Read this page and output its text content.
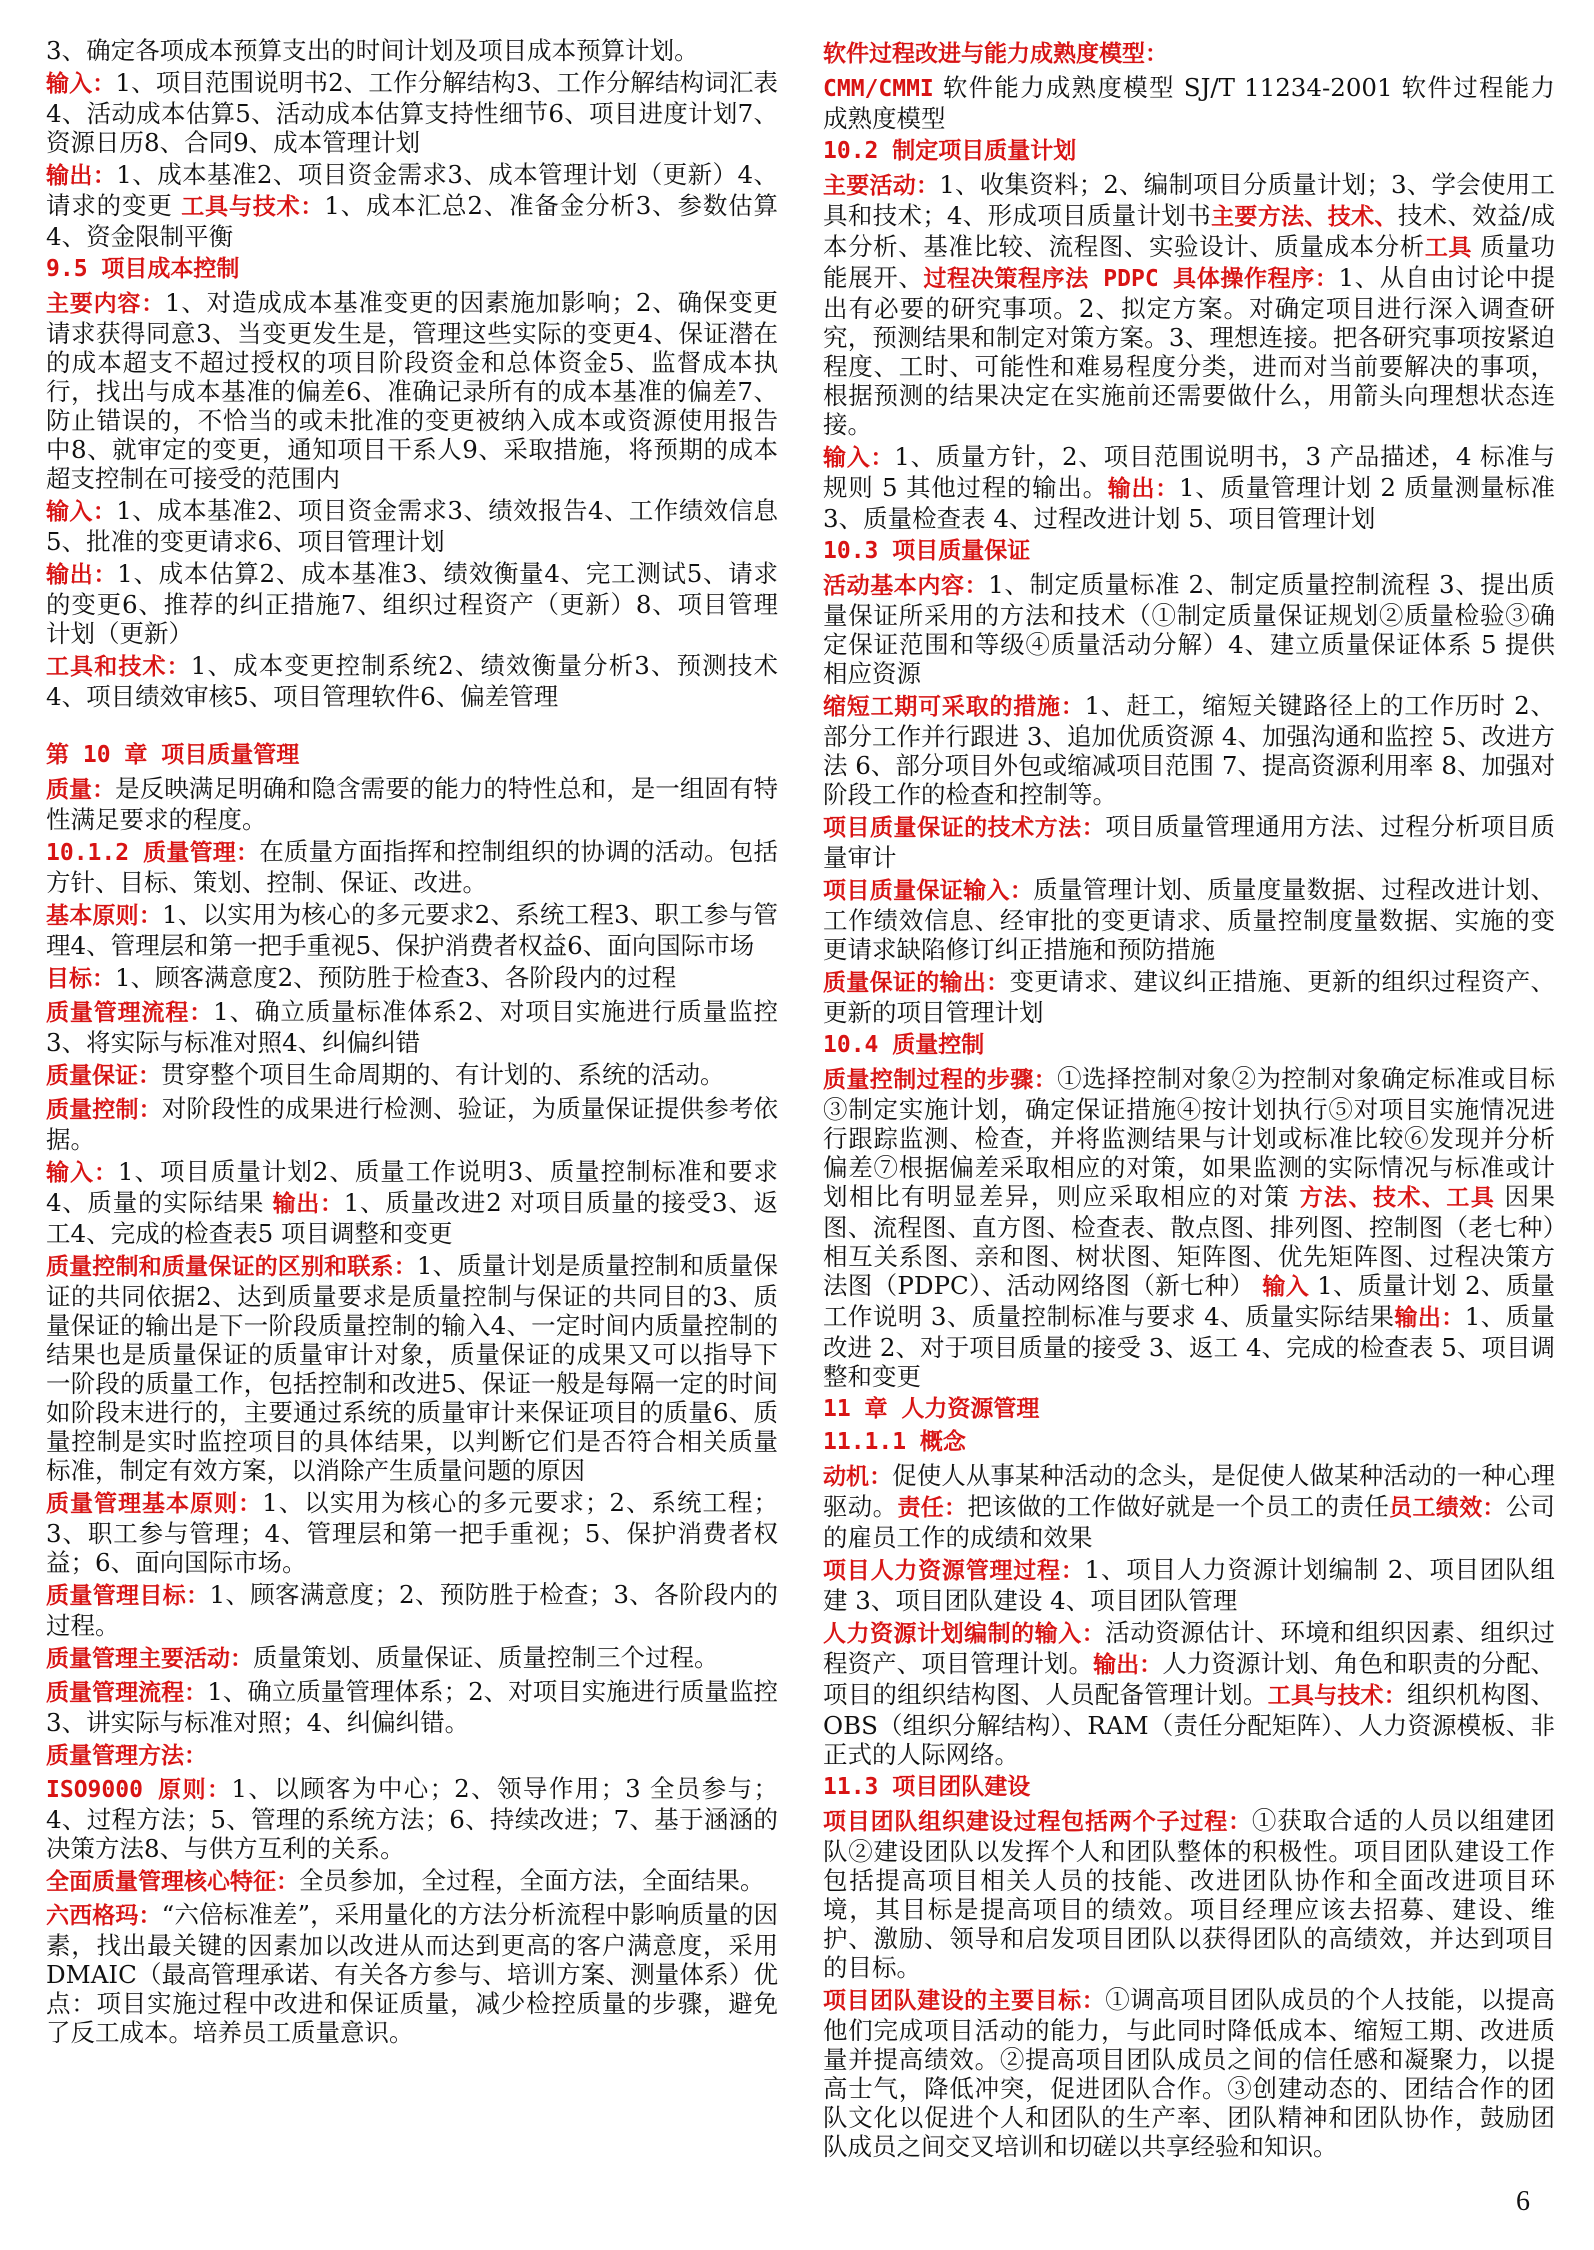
3、确定各项成本预算支出的时间计划及项目成本预算计划。
输入：1、项目范围说明书2、工作分解结构3、工作分解结构词汇表4、活动成本估算5、活动成本估算支持性细节6、项目进度计划7、资源日历8、合同9、成本管理计划
输出：1、成本基准2、项目资金需求3、成本管理计划（更新）4、请求的变更 工具与技术：1、成本汇总2、准备金分析3、参数估算4、资金限制平衡
9.5 项目成本控制
主要内容：1、对造成成本基准变更的因素施加影响；2、确保变更请求获得同意3、当变更发生是，管理这些实际的变更4、保证潜在的成本超支不超过授权的项目阶段资金和总体资金5、监督成本执行，找出与成本基准的偏差6、准确记录所有的成本基准的偏差7、防止错误的，不恰当的或未批准的变更被纳入成本或资源使用报告中8、就审定的变更，通知项目干系人9、采取措施，将预期的成本超支控制在可接受的范围内
输入：1、成本基准2、项目资金需求3、绩效报告4、工作绩效信息5、批准的变更请求6、项目管理计划
输出：1、成本估算2、成本基准3、绩效衡量4、完工测试5、请求的变更6、推荐的纠正措施7、组织过程资产（更新）8、项目管理计划（更新）
工具和技术：1、成本变更控制系统2、绩效衡量分析3、预测技术4、项目绩效审核5、项目管理软件6、偏差管理
第 10 章 项目质量管理
质量：是反映满足明确和隐含需要的能力的特性总和，是一组固有特性满足要求的程度。
10.1.2 质量管理：在质量方面指挥和控制组织的协调的活动。包括方针、目标、策划、控制、保证、改进。
基本原则：1、以实用为核心的多元要求2、系统工程3、职工参与管理4、管理层和第一把手重视5、保护消费者权益6、面向国际市场
目标：1、顾客满意度2、预防胜于检查3、各阶段内的过程
质量管理流程：1、确立质量标准体系2、对项目实施进行质量监控3、将实际与标准对照4、纠偏纠错
质量保证：贯穿整个项目生命周期的、有计划的、系统的活动。
质量控制：对阶段性的成果进行检测、验证，为质量保证提供参考依据。
输入：1、项目质量计划2、质量工作说明3、质量控制标准和要求4、质量的实际结果 输出：1、质量改进2 对项目质量的接受3、返工4、完成的检查表5 项目调整和变更
质量控制和质量保证的区别和联系：1、质量计划是质量控制和质量保证的共同依据2、达到质量要求是质量控制与保证的共同目的3、质量保证的输出是下一阶段质量控制的输入4、一定时间内质量控制的结果也是质量保证的质量审计对象，质量保证的成果又可以指导下一阶段的质量工作，包括控制和改进5、保证一般是每隔一定的时间如阶段末进行的，主要通过系统的质量审计来保证项目的质量6、质量控制是实时监控项目的具体结果，以判断它们是否符合相关质量标准，制定有效方案，以消除产生质量问题的原因
质量管理基本原则：1、以实用为核心的多元要求；2、系统工程；3、职工参与管理；4、管理层和第一把手重视；5、保护消费者权益；6、面向国际市场。
质量管理目标：1、顾客满意度；2、预防胜于检查；3、各阶段内的过程。
质量管理主要活动：质量策划、质量保证、质量控制三个过程。
质量管理流程：1、确立质量管理体系；2、对项目实施进行质量监控3、讲实际与标准对照；4、纠偏纠错。
质量管理方法：
ISO9000 原则：1、以顾客为中心；2、领导作用；3 全员参与；4、过程方法；5、管理的系统方法；6、持续改进；7、基于涵涵的决策方法8、与供方互利的关系。
全面质量管理核心特征：全员参加，全过程，全面方法，全面结果。
六西格玛：“六倍标准差”，采用量化的方法分析流程中影响质量的因素，找出最关键的因素加以改进从而达到更高的客户满意度，采用DMAIC（最高管理承诺、有关各方参与、培训方案、测量体系）优点：项目实施过程中改进和保证质量，减少检控质量的步骤，避免了反工成本。培养员工质量意识。
软件过程改进与能力成熟度模型：
CMM/CMMI 软件能力成熟度模型 SJ/T 11234-2001 软件过程能力成熟度模型
10.2 制定项目质量计划
主要活动：1、收集资料；2、编制项目分质量计划；3、学会使用工具和技术；4、形成项目质量计划书主要方法、技术、技术、效益/成本分析、基准比较、流程图、实验设计、质量成本分析工具 质量功能展开、过程决策程序法 PDPC 具体操作程序：1、从自由讨论中提出有必要的研究事项。2、拟定方案。对确定项目进行深入调查研究，预测结果和制定对策方案。3、理想连接。把各研究事项按紧迫程度、工时、可能性和难易程度分类，进而对当前要解决的事项，根据预测的结果决定在实施前还需要做什么，用箭头向理想状态连接。
输入：1、质量方针，2、项目范围说明书，3 产品描述，4 标准与规则 5 其他过程的输出。输出：1、质量管理计划 2 质量测量标准 3、质量检查表 4、过程改进计划 5、项目管理计划
10.3 项目质量保证
活动基本内容：1、制定质量标准 2、制定质量控制流程 3、提出质量保证所采用的方法和技术（①制定质量保证规划②质量检验③确定保证范围和等级④质量活动分解）4、建立质量保证体系 5 提供相应资源
缩短工期可采取的措施：1、赶工，缩短关键路径上的工作历时 2、部分工作并行跟进 3、追加优质资源 4、加强沟通和监控 5、改进方法 6、部分项目外包或缩减项目范围 7、提高资源利用率 8、加强对阶段工作的检查和控制等。
项目质量保证的技术方法：项目质量管理通用方法、过程分析项目质量审计
项目质量保证输入：质量管理计划、质量度量数据、过程改进计划、工作绩效信息、经审批的变更请求、质量控制度量数据、实施的变更请求缺陷修订纠正措施和预防措施
质量保证的输出：变更请求、建议纠正措施、更新的组织过程资产、更新的项目管理计划
10.4 质量控制
质量控制过程的步骤：①选择控制对象②为控制对象确定标准或目标③制定实施计划，确定保证措施④按计划执行⑤对项目实施情况进行跟踪监测、检查，并将监测结果与计划或标准比较⑥发现并分析偏差⑦根据偏差采取相应的对策，如果监测的实际情况与标准或计划相比有明显差异，则应采取相应的对策 方法、技术、工具 因果图、流程图、直方图、检查表、散点图、排列图、控制图（老七种）相互关系图、亲和图、树状图、矩阵图、优先矩阵图、过程决策方法图（PDPC）、活动网络图（新七种） 输入 1、质量计划 2、质量工作说明 3、质量控制标准与要求 4、质量实际结果输出：1、质量改进 2、对于项目质量的接受 3、返工 4、完成的检查表 5、项目调整和变更
11 章 人力资源管理
11.1.1 概念
动机：促使人从事某种活动的念头，是促使人做某种活动的一种心理驱动。责任：把该做的工作做好就是一个员工的责任员工绩效：公司的雇员工作的成绩和效果
项目人力资源管理过程：1、项目人力资源计划编制 2、项目团队组建 3、项目团队建设 4、项目团队管理
人力资源计划编制的输入：活动资源估计、环境和组织因素、组织过程资产、项目管理计划。输出：人力资源计划、角色和职责的分配、项目的组织结构图、人员配备管理计划。工具与技术：组织机构图、OBS（组织分解结构）、RAM（责任分配矩阵）、人力资源模板、非正式的人际网络。
11.3 项目团队建设
项目团队组织建设过程包括两个子过程：①获取合适的人员以组建团队②建设团队以发挥个人和团队整体的积极性。项目团队建设工作包括提高项目相关人员的技能、改进团队协作和全面改进项目环境，其目标是提高项目的绩效。项目经理应该去招募、建设、维护、激励、领导和启发项目团队以获得团队的高绩效，并达到项目的目标。
项目团队建设的主要目标：①调高项目团队成员的个人技能，以提高他们完成项目活动的能力，与此同时降低成本、缩短工期、改进质量并提高绩效。②提高项目团队成员之间的信任感和凝聚力，以提高士气，降低冲突，促进团队合作。③创建动态的、团结合作的团队文化以促进个人和团队的生产率、团队精神和团队协作，鼓励团队成员之间交叉培训和切磋以共享经验和知识。
6
